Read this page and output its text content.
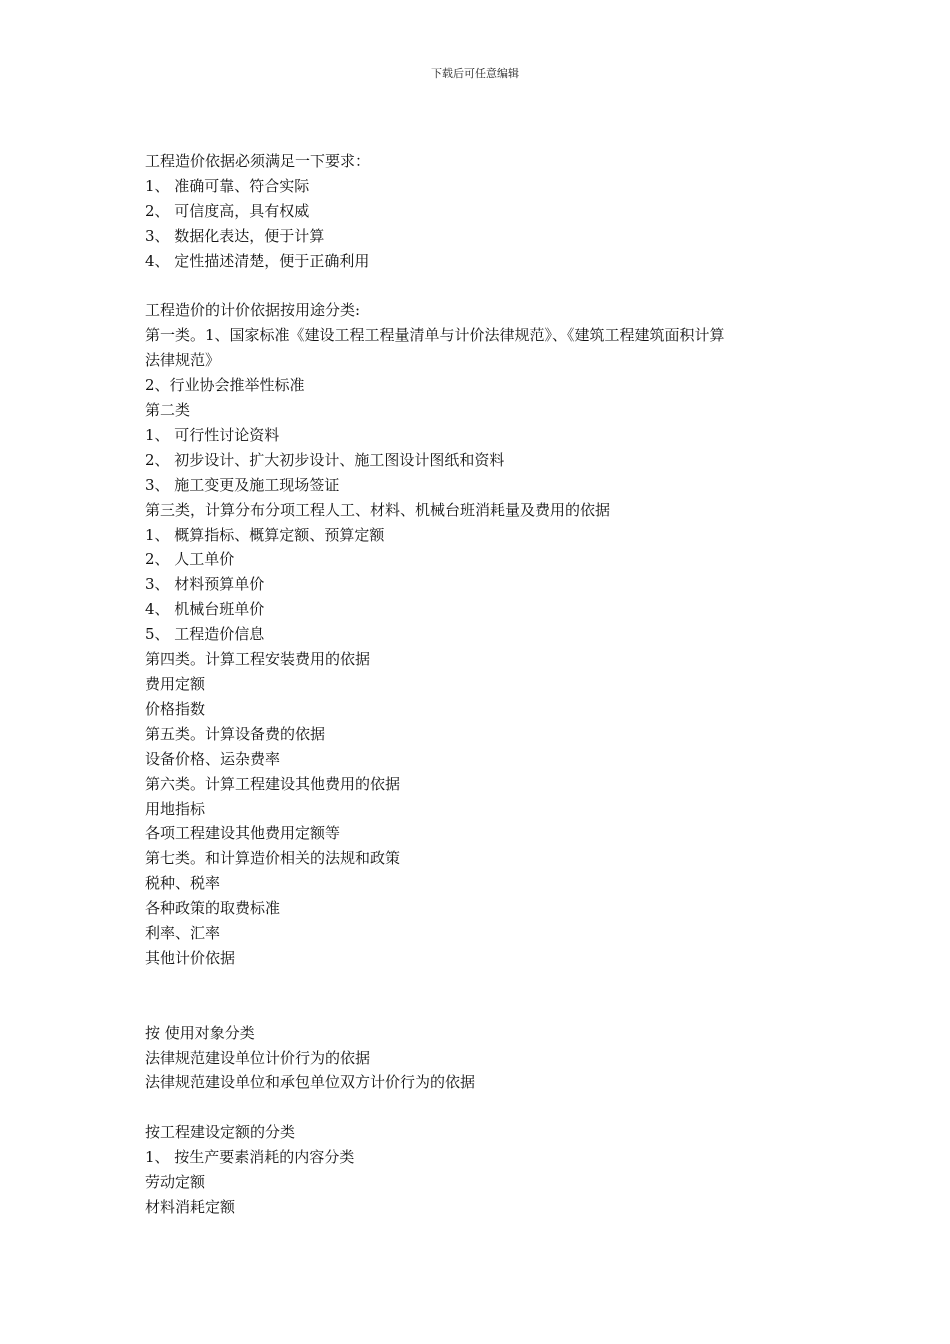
下载后可任意编辑
工程造价依据必须满足一下要求：
1、 准确可靠、符合实际
2、 可信度高，具有权威
3、 数据化表达，便于计算
4、 定性描述清楚，便于正确利用
工程造价的计价依据按用途分类:
第一类。1、国家标准《建设工程工程量清单与计价法律规范》、《建筑工程建筑面积计算
法律规范》
2、行业协会推举性标准
第二类
1、 可行性讨论资料
2、 初步设计、扩大初步设计、施工图设计图纸和资料
3、 施工变更及施工现场签证
第三类，计算分布分项工程人工、材料、机械台班消耗量及费用的依据
1、 概算指标、概算定额、预算定额
2、 人工单价
3、 材料预算单价
4、 机械台班单价
5、 工程造价信息
第四类。计算工程安装费用的依据
费用定额
价格指数
第五类。计算设备费的依据
设备价格、运杂费率
第六类。计算工程建设其他费用的依据
用地指标
各项工程建设其他费用定额等
第七类。和计算造价相关的法规和政策
税种、税率
各种政策的取费标准
利率、汇率
其他计价依据
按 使用对象分类
法律规范建设单位计价行为的依据
法律规范建设单位和承包单位双方计价行为的依据
按工程建设定额的分类
1、 按生产要素消耗的内容分类
劳动定额
材料消耗定额
